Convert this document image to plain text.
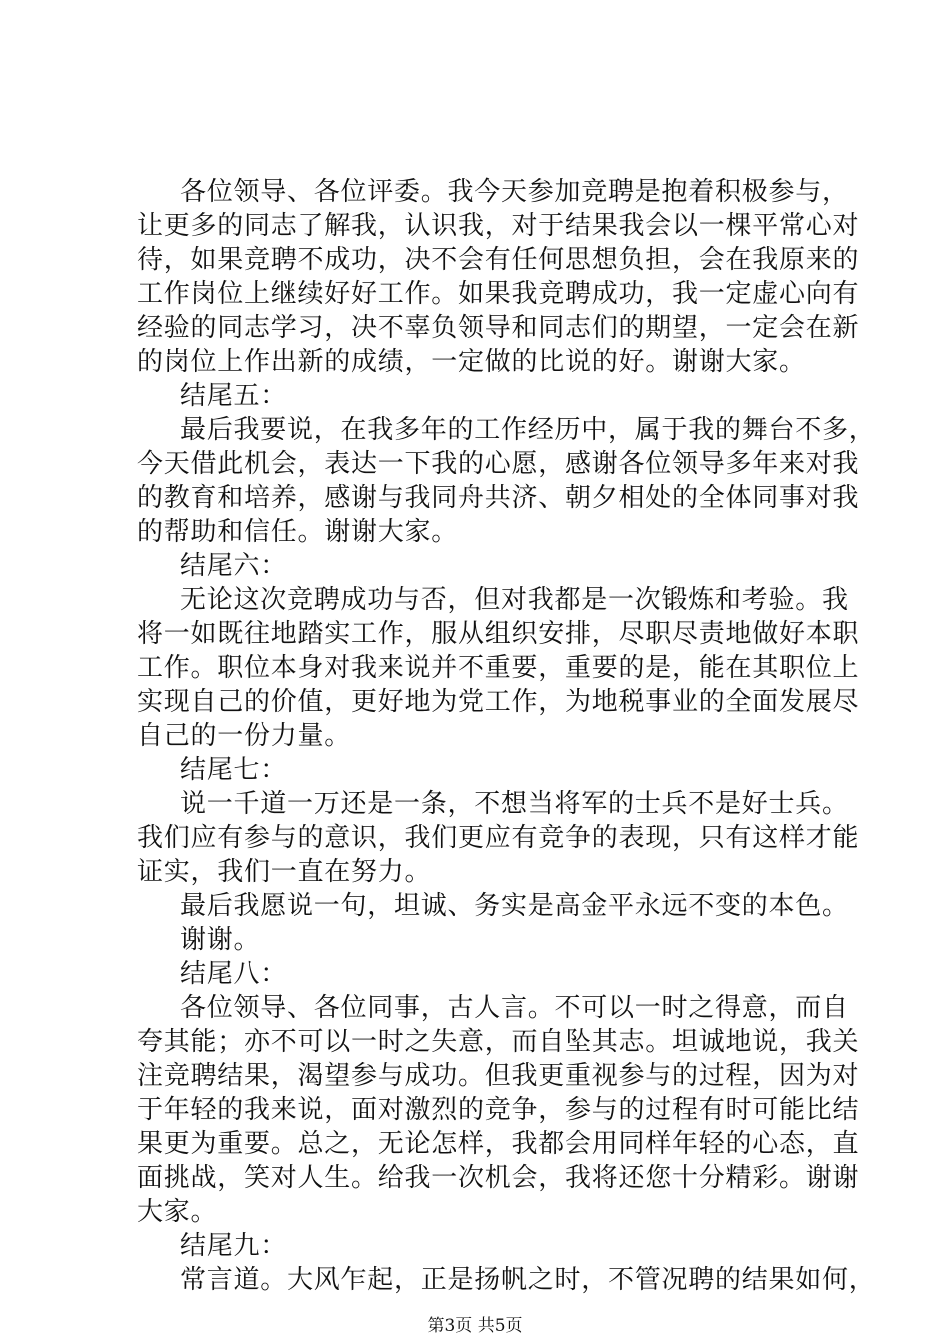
各位领导、各位评委。我今天参加竞聘是抱着积极参与，

让更多的同志了解我，认识我，对于结果我会以一棵平常心对

待，如果竞聘不成功，决不会有任何思想负担，会在我原来的

工作岗位上继续好好工作。如果我竞聘成功，我一定虚心向有

经验的同志学习，决不辜负领导和同志们的期望，一定会在新

的岗位上作出新的成绩，一定做的比说的好。谢谢大家。

结尾五：

最后我要说，在我多年的工作经历中，属于我的舞台不多，

今天借此机会，表达一下我的心愿，感谢各位领导多年来对我

的教育和培养，感谢与我同舟共济、朝夕相处的全体同事对我

的帮助和信任。谢谢大家。

结尾六：

无论这次竞聘成功与否，但对我都是一次锻炼和考验。我

将一如既往地踏实工作，服从组织安排，尽职尽责地做好本职

工作。职位本身对我来说并不重要，重要的是，能在其职位上

实现自己的价值，更好地为党工作，为地税事业的全面发展尽

自己的一份力量。

结尾七：

说一千道一万还是一条，不想当将军的士兵不是好士兵。

我们应有参与的意识，我们更应有竞争的表现，只有这样才能

证实，我们一直在努力。

最后我愿说一句，坦诚、务实是高金平永远不变的本色。

谢谢。

结尾八：

各位领导、各位同事，古人言。不可以一时之得意，而自

夸其能；亦不可以一时之失意，而自坠其志。坦诚地说，我关

注竞聘结果，渴望参与成功。但我更重视参与的过程，因为对

于年轻的我来说，面对激烈的竞争，参与的过程有时可能比结

果更为重要。总之，无论怎样，我都会用同样年轻的心态，直

面挑战，笑对人生。给我一次机会，我将还您十分精彩。谢谢

大家。

结尾九：

常言道。大风乍起，正是扬帆之时，不管况聘的结果如何，

第3页 共5页
